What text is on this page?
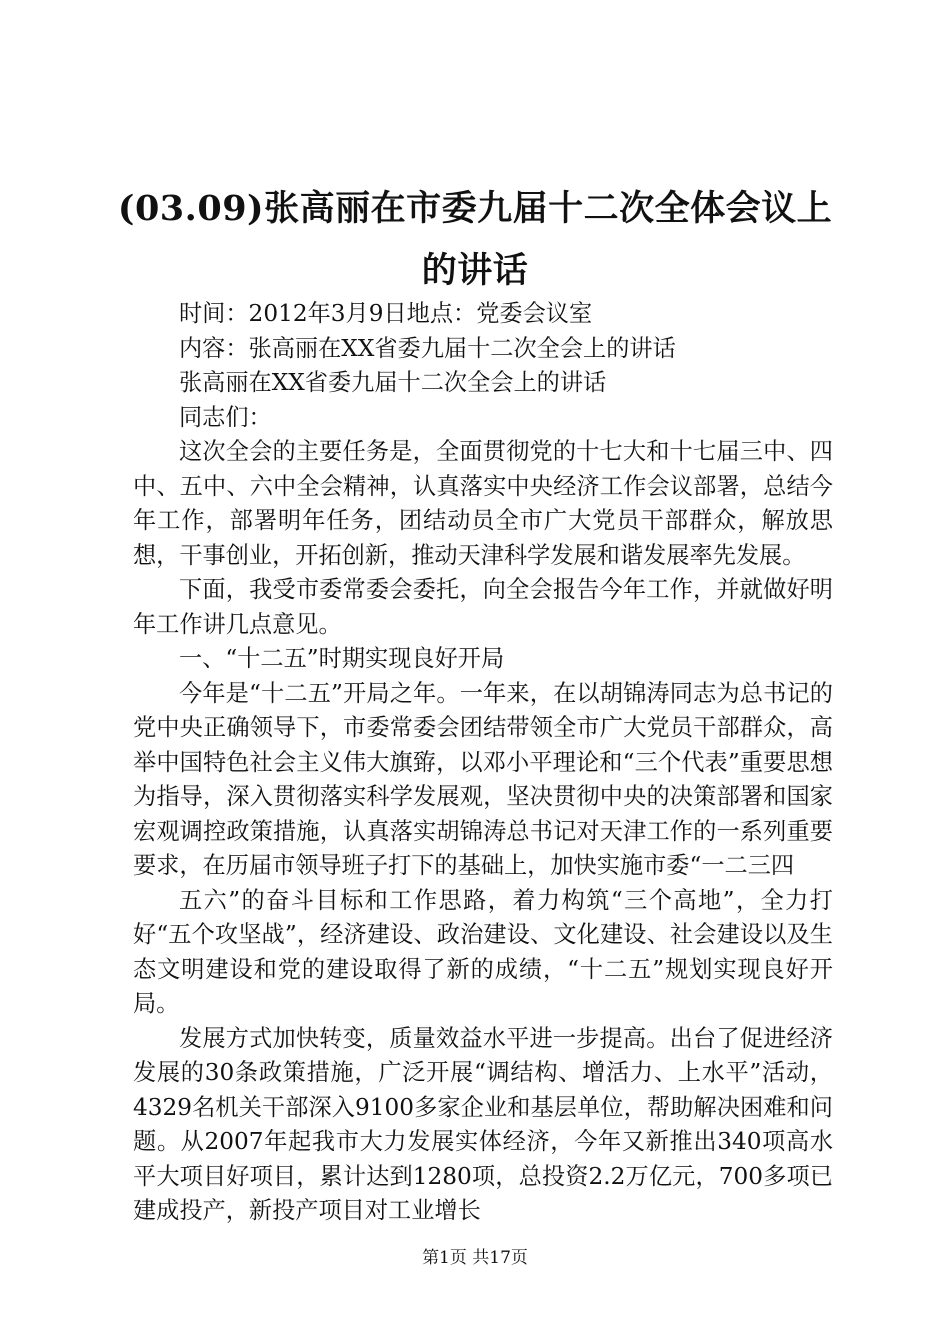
(03.09)张高丽在市委九届十二次全体会议上的讲话

时间：2012年3月9日地点：党委会议室

内容：张高丽在XX省委九届十二次全会上的讲话

张高丽在XX省委九届十二次全会上的讲话

同志们：

这次全会的主要任务是，全面贯彻党的十七大和十七届三中、四中、五中、六中全会精神，认真落实中央经济工作会议部署，总结今年工作，部署明年任务，团结动员全市广大党员干部群众，解放思想，干事创业，开拓创新，推动天津科学发展和谐发展率先发展。

下面，我受市委常委会委托，向全会报告今年工作，并就做好明年工作讲几点意见。

一、“十二五”时期实现良好开局

今年是“十二五”开局之年。一年来，在以胡锦涛同志为总书记的党中央正确领导下，市委常委会团结带领全市广大党员干部群众，高举中国特色社会主义伟大旗臶，以邓小平理论和“三个代表”重要思想为指导，深入贯彻落实科学发展观，坚决贯彻中央的决策部署和国家宏观调控政策措施，认真落实胡锦涛总书记对天津工作的一系列重要要求，在历届市领导班子打下的基础上，加快实施市委“一二三四

五六”的奋斗目标和工作思路，着力构筑“三个高地”，全力打好“五个攻坚战”，经济建设、政治建设、文化建设、社会建设以及生态文明建设和党的建设取得了新的成绩，“十二五”规划实现良好开局。

发展方式加快转变，质量效益水平进一步提高。出台了促进经济发展的30条政策措施，广泛开展“调结构、增活力、上水平”活动，4329名机关干部深入9100多家企业和基层单位，帮助解决困难和问题。从2007年起我市大力发展实体经济，今年又新推出340项高水平大项目好项目，累计达到1280项，总投资2.2万亿元，700多项已建成投产，新投产项目对工业增长

第1页 共17页
